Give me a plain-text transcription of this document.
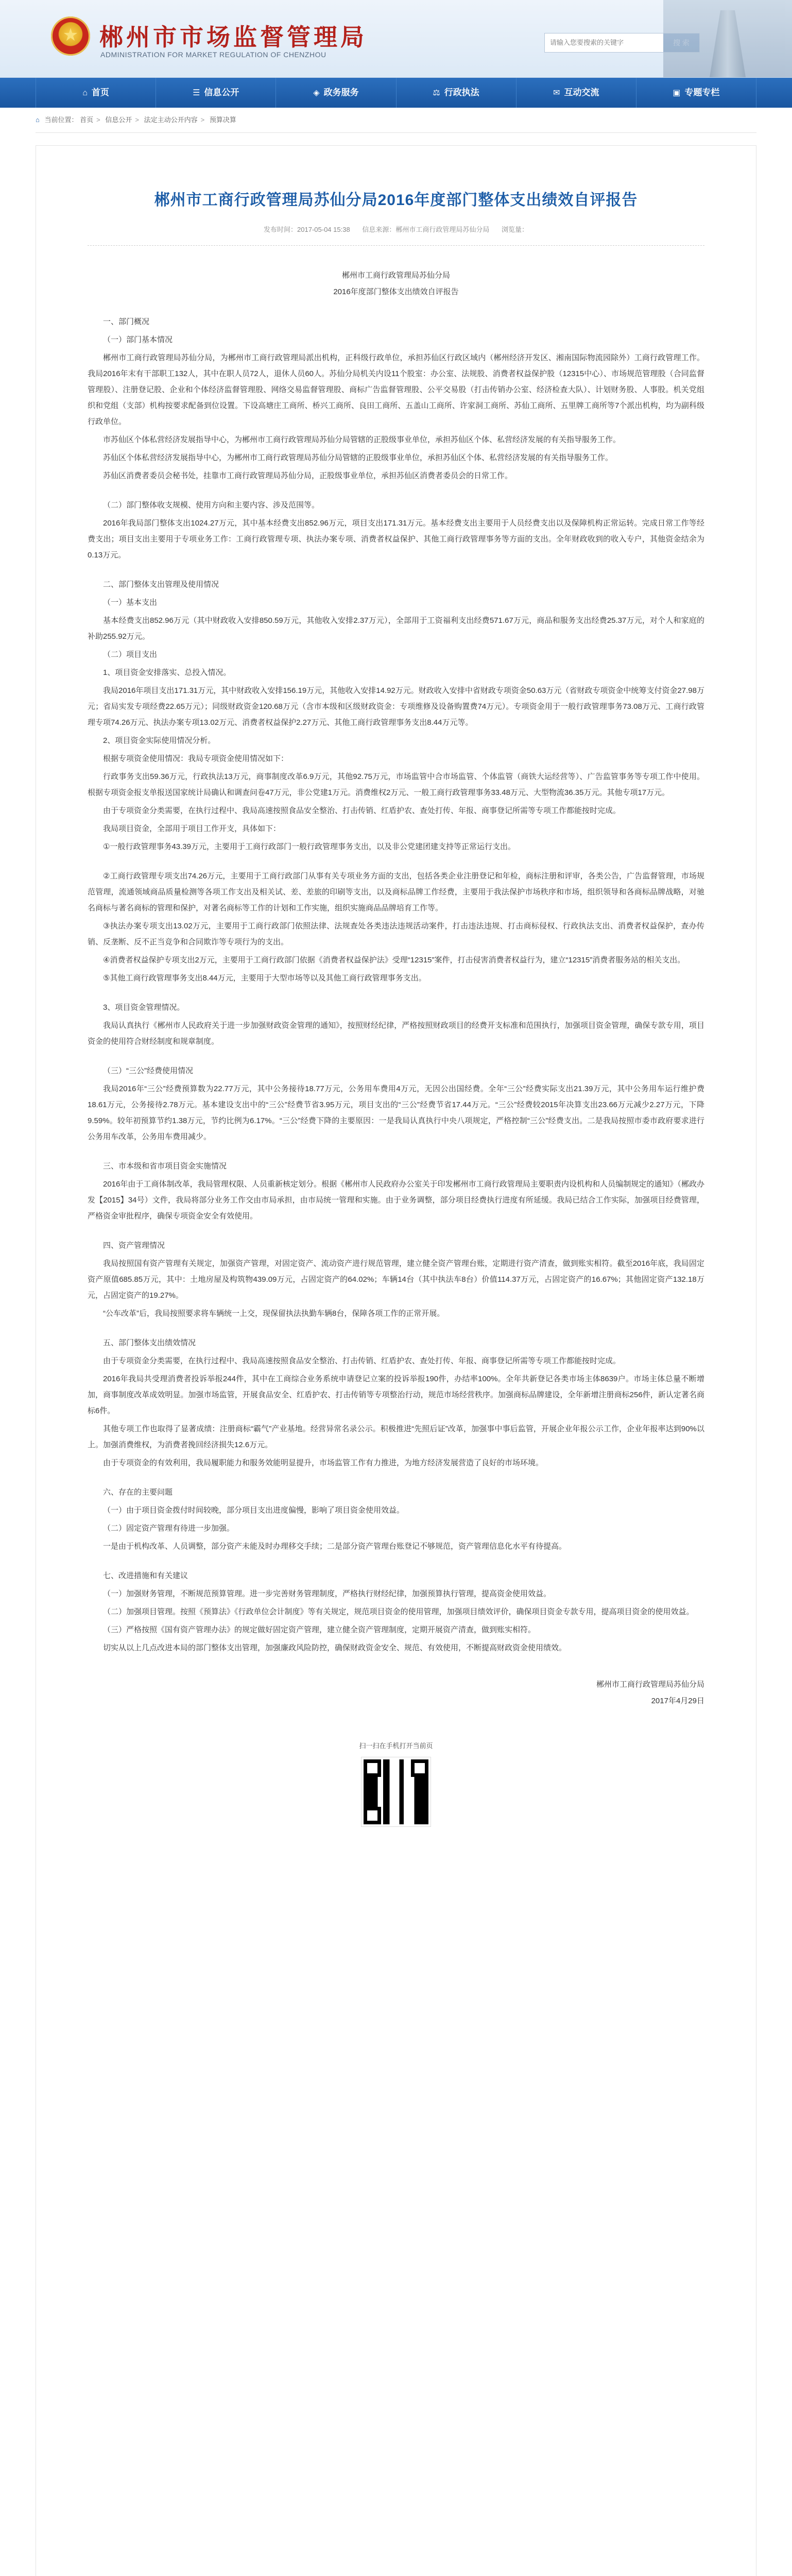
★
郴州市市场监督管理局
ADMINISTRATION FOR MARKET REGULATION OF CHENZHOU
请输入您要搜索的关键字
⌂ 首页	☰ 信息公开	◈ 政务服务	⚖ 行政执法	✉ 互动交流	▣ 专题专栏
⌂ 当前位置： 首页 > 信息公开 > 法定主动公开内容 > 预算决算
郴州市工商行政管理局苏仙分局2016年度部门整体支出绩效自评报告
发布时间：2017-05-04 15:38 信息来源：郴州市工商行政管理局苏仙分局 浏览量：
郴州市工商行政管理局苏仙分局
2016年度部门整体支出绩效自评报告

一、部门概况

（一）部门基本情况

郴州市工商行政管理局苏仙分局，为郴州市工商行政管理局派出机构，正科级行政单位，承担苏仙区行政区域内（郴州经济开发区、湘南国际物流园除外）工商行政管理工作。我局2016年末有干部职工132人，其中在职人员72人，退休人员60人。苏仙分局机关内设11个股室：办公室、法规股、消费者权益保护股（12315中心）、市场规范管理股（合同监督管理股）、注册登记股、企业和个体经济监督管理股、网络交易监督管理股、商标广告监督管理股、公平交易股（打击传销办公室、经济检查大队）、计划财务股、人事股。机关党组织和党组（支部）机构按要求配备到位设置。下设高塘庄工商所、桥兴工商所、良田工商所、五盖山工商所、许家洞工商所、苏仙工商所、五里牌工商所等7个派出机构，均为副科级行政单位。

市苏仙区个体私营经济发展指导中心，为郴州市工商行政管理局苏仙分局管辖的正股级事业单位，承担苏仙区个体、私营经济发展的有关指导服务工作。

苏仙区个体私营经济发展指导中心，为郴州市工商行政管理局苏仙分局管辖的正股级事业单位，承担苏仙区个体、私营经济发展的有关指导服务工作。

苏仙区消费者委员会秘书处，挂靠市工商行政管理局苏仙分局，正股级事业单位，承担苏仙区消费者委员会的日常工作。

（二）部门整体收支规模、使用方向和主要内容、涉及范围等。

2016年我局部门整体支出1024.27万元，其中基本经费支出852.96万元，项目支出171.31万元。基本经费支出主要用于人员经费支出以及保障机构正常运转。完成日常工作等经费支出；项目支出主要用于专项业务工作：工商行政管理专项、执法办案专项、消费者权益保护、其他工商行政管理事务等方面的支出。全年财政收到的收入专户，其他资金结余为0.13万元。

二、部门整体支出管理及使用情况

（一）基本支出

基本经费支出852.96万元（其中财政收入安排850.59万元，其他收入安排2.37万元），全部用于工资福利支出经费571.67万元，商品和服务支出经费25.37万元，对个人和家庭的补助255.92万元。

（二）项目支出

1、项目资金安排落实、总投入情况。

我局2016年项目支出171.31万元，其中财政收入安排156.19万元，其他收入安排14.92万元。财政收入安排中省财政专项资金50.63万元（省财政专项资金中统筹支付资金27.98万元；省局实发专项经费22.65万元）；同级财政资金120.68万元（含市本级和区级财政资金：专项维修及设备购置费74万元）。专项资金用于一般行政管理事务73.08万元、工商行政管理专项74.26万元、执法办案专项13.02万元、消费者权益保护2.27万元、其他工商行政管理事务支出8.44万元等。

2、项目资金实际使用情况分析。

根据专项资金使用情况：我局专项资金使用情况如下：

行政事务支出59.36万元，行政执法13万元，商事制度改革6.9万元，其他92.75万元，市场监管中合市场监管、个体监管（商铁大运经营等）、广告监管事务等专项工作中使用。根据专项资金报支单报送国家统计局确认和调查问卷47万元，非公党建1万元。消费维权2万元、一般工商行政管理事务33.48万元、大型物流36.35万元。其他专项17万元。

由于专项资金分类需要，在执行过程中、我局高速按照食品安全整治、打击传销、红盾护农、查处打传、年报、商事登记所需等专项工作都能按时完成。

我局项目资金，全部用于项目工作开支，具体如下：

①一般行政管理事务43.39万元，主要用于工商行政部门一般行政管理事务支出，以及非公党建团建支持等正常运行支出。

②工商行政管理专项支出74.26万元，主要用于工商行政部门从事有关专项业务方面的支出，包括各类企业注册登记和年检，商标注册和评审，各类公告，广告监督管理，市场规范管理，流通领域商品质量检测等各项工作支出及相关试、差、差旅的印刷等支出，以及商标品牌工作经费，主要用于我法保护市场秩序和市场，组织领导和各商标品牌战略，对驰名商标与著名商标的管理和保护，对著名商标等工作的计划和工作实施，组织实施商品品牌培育工作等。

③执法办案专项支出13.02万元，主要用于工商行政部门依照法律、法规查处各类违法违规活动案件，打击违法违规、打击商标侵权、行政执法支出、消费者权益保护，查办传销、反垄断、反不正当竞争和合同欺诈等专项行为的支出。

④消费者权益保护专项支出2万元，主要用于工商行政部门依据《消费者权益保护法》受理“12315”案件，打击侵害消费者权益行为，建立“12315”消费者服务站的相关支出。

⑤其他工商行政管理事务支出8.44万元，主要用于大型市场等以及其他工商行政管理事务支出。

3、项目资金管理情况。

我局认真执行《郴州市人民政府关于进一步加强财政资金管理的通知》，按照财经纪律，严格按照财政项目的经费开支标准和范围执行，加强项目资金管理，确保专款专用，项目资金的使用符合财经制度和规章制度。

（三）“三公”经费使用情况

我局2016年“三公”经费预算数为22.77万元，其中公务接待18.77万元，公务用车费用4万元，无因公出国经费。全年“三公”经费实际支出21.39万元，其中公务用车运行维护费18.61万元，公务接待2.78万元。基本建设支出中的“三公”经费节省3.95万元，项目支出的“三公”经费节省17.44万元。“三公”经费较2015年决算支出23.66万元减少2.27万元，下降9.59%。较年初预算节约1.38万元，节约比例为6.17%。“三公”经费下降的主要原因：一是我局认真执行中央八项规定，严格控制“三公”经费支出。二是我局按照市委市政府要求进行公务用车改革，公务用车费用减少。

三、市本级和省市项目资金实施情况

2016年由于工商体制改革，我局管理权限、人员重新核定划分。根据《郴州市人民政府办公室关于印发郴州市工商行政管理局主要职责内设机构和人员编制规定的通知》（郴政办发【2015】34号）文件，我局将部分业务工作交由市局承担，由市局统一管理和实施。由于业务调整，部分项目经费执行进度有所延缓。我局已结合工作实际，加强项目经费管理，严格资金审批程序，确保专项资金安全有效使用。

四、资产管理情况

我局按照国有资产管理有关规定，加强资产管理，对固定资产、流动资产进行规范管理，建立健全资产管理台账，定期进行资产清查，做到账实相符。截至2016年底，我局固定资产原值685.85万元，其中：土地房屋及构筑物439.09万元，占固定资产的64.02%；车辆14台（其中执法车8台）价值114.37万元，占固定资产的16.67%；其他固定资产132.18万元，占固定资产的19.27%。

“公车改革”后，我局按照要求将车辆统一上交，现保留执法执勤车辆8台，保障各项工作的正常开展。

五、部门整体支出绩效情况

由于专项资金分类需要，在执行过程中、我局高速按照食品安全整治、打击传销、红盾护农、查处打传、年报、商事登记所需等专项工作都能按时完成。

2016年我局共受理消费者投诉举报244件，其中在工商综合业务系统申请登记立案的投诉举报190件，办结率100%。全年共新登记各类市场主体8639户。市场主体总量不断增加，商事制度改革成效明显。加强市场监管，开展食品安全、红盾护农、打击传销等专项整治行动，规范市场经营秩序。加强商标品牌建设，全年新增注册商标256件，新认定著名商标6件。

其他专项工作也取得了显著成绩：注册商标“霸气”产业基地。经营异常名录公示。积极推进“先照后证”改革，加强事中事后监管，开展企业年报公示工作，企业年报率达到90%以上。加强消费维权，为消费者挽回经济损失12.6万元。

由于专项资金的有效利用，我局履职能力和服务效能明显提升，市场监管工作有力推进，为地方经济发展营造了良好的市场环境。

六、存在的主要问题

（一）由于项目资金拨付时间较晚，部分项目支出进度偏慢，影响了项目资金使用效益。

（二）固定资产管理有待进一步加强。

一是由于机构改革、人员调整，部分资产未能及时办理移交手续；二是部分资产管理台账登记不够规范，资产管理信息化水平有待提高。

七、改进措施和有关建议

（一）加强财务管理，不断规范预算管理。进一步完善财务管理制度，严格执行财经纪律，加强预算执行管理，提高资金使用效益。

（二）加强项目管理。按照《预算法》《行政单位会计制度》等有关规定，规范项目资金的使用管理，加强项目绩效评价，确保项目资金专款专用，提高项目资金的使用效益。

（三）严格按照《国有资产管理办法》的规定做好固定资产管理，建立健全资产管理制度，定期开展资产清查，做到账实相符。

切实从以上几点改进本局的部门整体支出管理，加强廉政风险防控，确保财政资金安全、规范、有效使用，不断提高财政资金使用绩效。

郴州市工商行政管理局苏仙分局
2017年4月29日
扫一扫在手机打开当前页
